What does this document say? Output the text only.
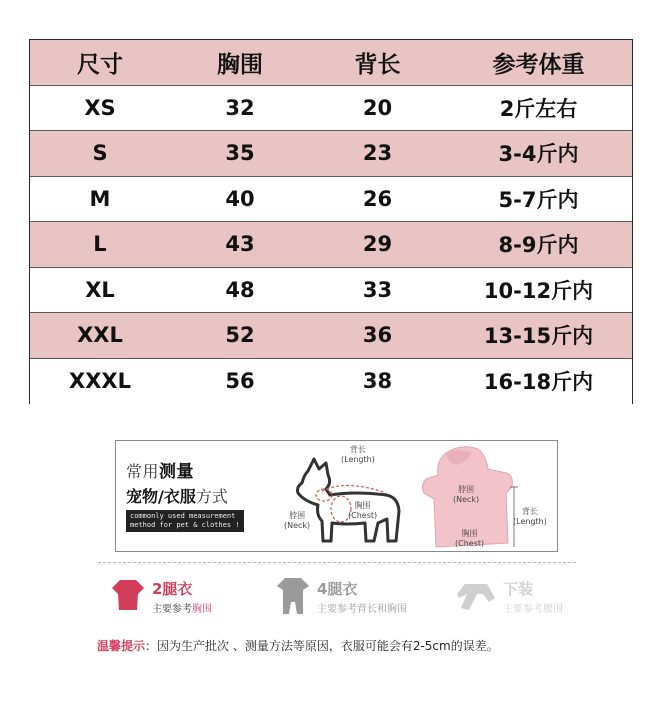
尺寸	胸围	背长	参考体重
XS	32	20	2斤左右
S	35	23	3-4斤内
M	40	26	5-7斤内
L	43	29	8-9斤内
XL	48	33	10-12斤内
XXL	52	36	13-15斤内
XXXL	56	38	16-18斤内
常用测量
宠物/衣服方式
commonly used measurement
method for pet & clothes !
背长
(Length)
脖围
(Neck)
胸围
(Chest)
脖围
(Neck)
胸围
(Chest)
背长
(Length)
2腿衣
主要参考胸围
4腿衣
主要参考背长和胸围
下装
主要参考腰围
温馨提示：因为生产批次 、测量方法等原因，衣服可能会有2-5cm的误差。
